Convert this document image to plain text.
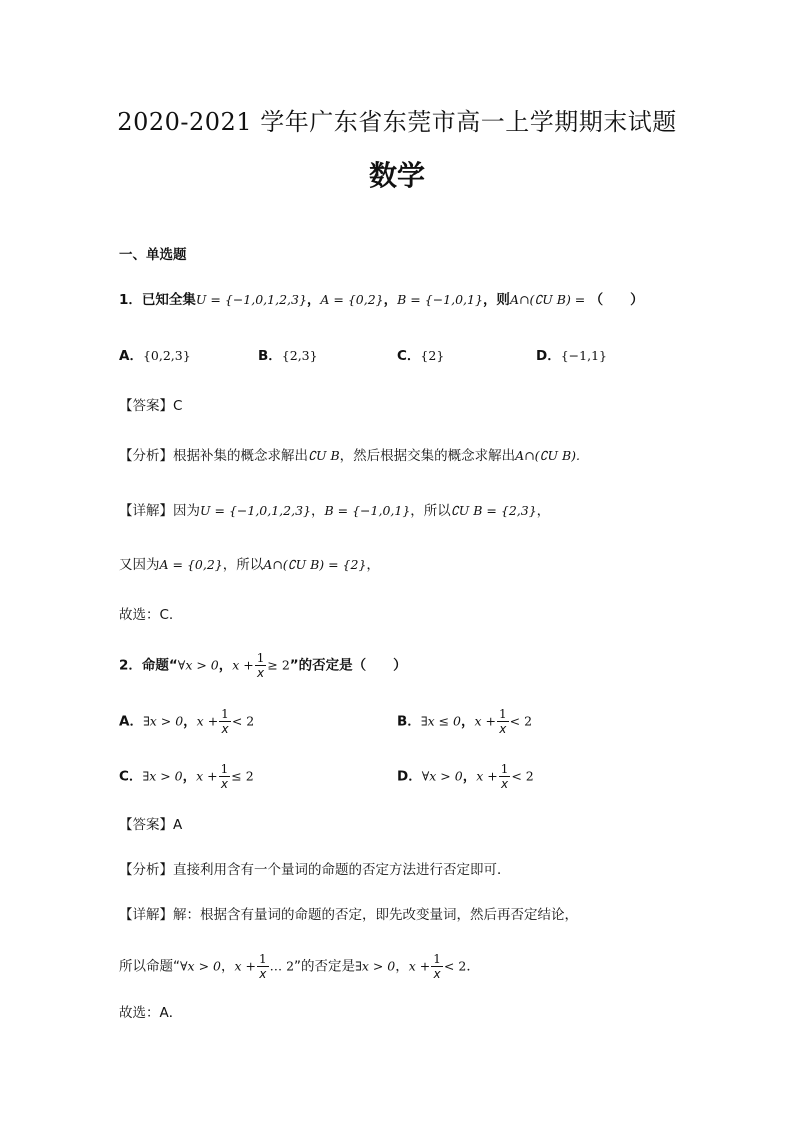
2020-2021 学年广东省东莞市高一上学期期末试题
数学
一、单选题
1．已知全集U = {−1,0,1,2,3}，A = {0,2}，B = {−1,0,1}，则A∩(∁U B) = （　　）
A．{0,2,3}	B．{2,3}	C．{2}	D．{−1,1}
【答案】C
【分析】根据补集的概念求解出∁U B，然后根据交集的概念求解出A∩(∁U B).
【详解】因为U = {−1,0,1,2,3}，B = {−1,0,1}，所以∁U B = {2,3}，
又因为A = {0,2}，所以A∩(∁U B) = {2}，
故选：C.
2．命题“∀x > 0，$x + \frac{1}{x} \ge 2$”的否定是（　　）
A．∃x > 0，$x + \frac{1}{x} < 2$	B．∃x ≤ 0，$x + \frac{1}{x} < 2$
C．∃x > 0，$x + \frac{1}{x} \le 2$	D．∀x > 0，$x + \frac{1}{x} < 2$
【答案】A
【分析】直接利用含有一个量词的命题的否定方法进行否定即可．
【详解】解：根据含有量词的命题的否定，即先改变量词，然后再否定结论，
所以命题“∀x > 0，$x + \frac{1}{x}$ … 2”的否定是∃x > 0，$x + \frac{1}{x} < 2$．
故选：A．
